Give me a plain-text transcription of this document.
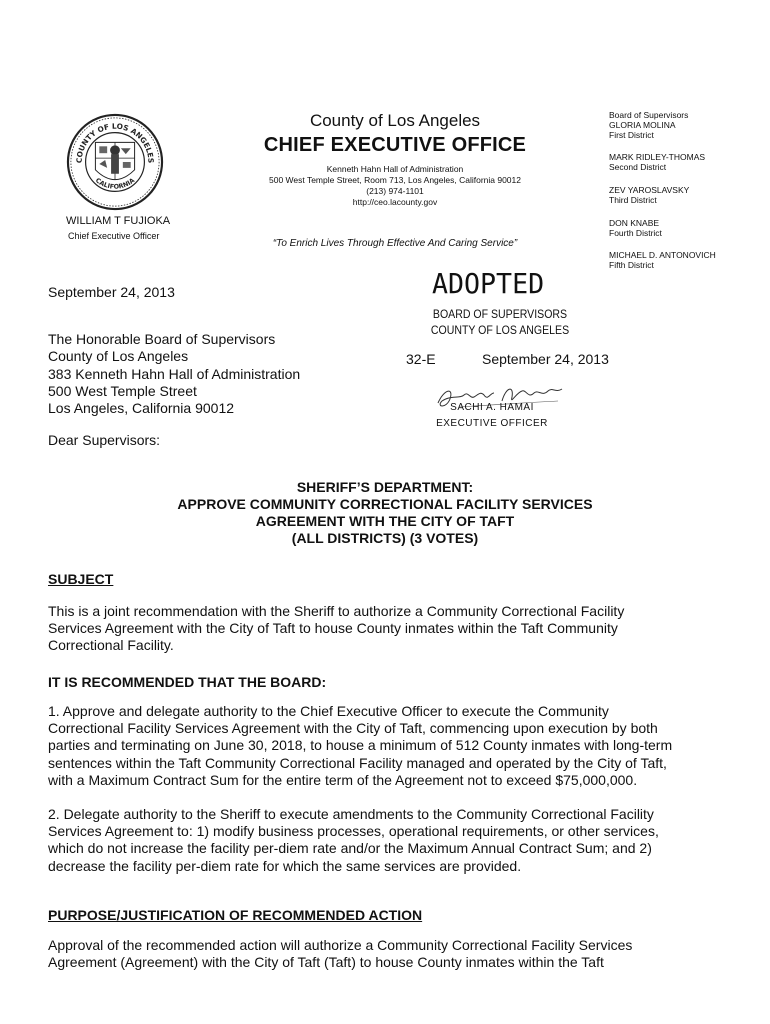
COUNTY OF LOS ANGELES
CALIFORNIA
County of Los Angeles
CHIEF EXECUTIVE OFFICE
Kenneth Hahn Hall of Administration
500 West Temple Street, Room 713, Los Angeles, California 90012
(213) 974-1101
http://ceo.lacounty.gov
“To Enrich Lives Through Effective And Caring Service”
WILLIAM T FUJIOKA
Chief Executive Officer
Board of Supervisors
GLORIA MOLINA
First District
MARK RIDLEY-THOMAS
Second District
ZEV YAROSLAVSKY
Third District
DON KNABE
Fourth District
MICHAEL D. ANTONOVICH
Fifth District
September 24, 2013	ADOPTED
BOARD OF SUPERVISORS
COUNTY OF LOS ANGELES
32-E	September 24, 2013
SACHI A. HAMAI
EXECUTIVE OFFICER
The Honorable Board of Supervisors
County of Los Angeles
383 Kenneth Hahn Hall of Administration
500 West Temple Street
Los Angeles, California 90012
Dear Supervisors:
SHERIFF’S DEPARTMENT:
APPROVE COMMUNITY CORRECTIONAL FACILITY SERVICES
AGREEMENT WITH THE CITY OF TAFT
(ALL DISTRICTS) (3 VOTES)
SUBJECT
This is a joint recommendation with the Sheriff to authorize a Community Correctional Facility
Services Agreement with the City of Taft to house County inmates within the Taft Community
Correctional Facility.
IT IS RECOMMENDED THAT THE BOARD:
1. Approve and delegate authority to the Chief Executive Officer to execute the Community
Correctional Facility Services Agreement with the City of Taft, commencing upon execution by both
parties and terminating on June 30, 2018, to house a minimum of 512 County inmates with long-term
sentences within the Taft Community Correctional Facility managed and operated by the City of Taft,
with a Maximum Contract Sum for the entire term of the Agreement not to exceed $75,000,000.
2. Delegate authority to the Sheriff to execute amendments to the Community Correctional Facility
Services Agreement to: 1) modify business processes, operational requirements, or other services,
which do not increase the facility per-diem rate and/or the Maximum Annual Contract Sum; and 2)
decrease the facility per-diem rate for which the same services are provided.
PURPOSE/JUSTIFICATION OF RECOMMENDED ACTION
Approval of the recommended action will authorize a Community Correctional Facility Services
Agreement (Agreement) with the City of Taft (Taft) to house County inmates within the Taft
